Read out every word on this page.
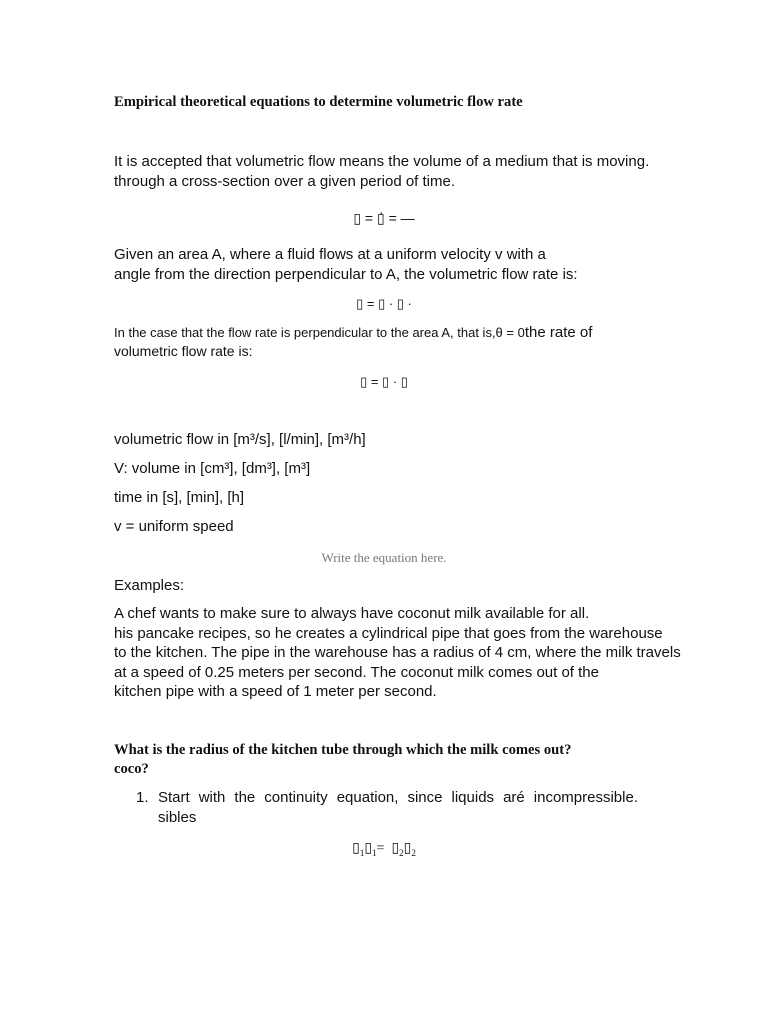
Empirical theoretical equations to determine volumetric flow rate

It is accepted that volumetric flow means the volume of a medium that is moving.
through a cross-section over a given period of time.

▯ = ▯̇ = ―

Given an area A, where a fluid flows at a uniform velocity v with a
angle from the direction perpendicular to A, the volumetric flow rate is:

▯ = ▯ · ▯ ·

In the case that the flow rate is perpendicular to the area A, that is,θ = 0the rate of
volumetric flow rate is:

▯ = ▯ · ▯

volumetric flow in [m³/s], [l/min], [m³/h]

V: volume in [cm³], [dm³], [m³]

time in [s], [min], [h]

v = uniform speed

Write the equation here.

Examples:

A chef wants to make sure to always have coconut milk available for all.
his pancake recipes, so he creates a cylindrical pipe that goes from the warehouse
to the kitchen. The pipe in the warehouse has a radius of 4 cm, where the milk travels
at a speed of 0.25 meters per second. The coconut milk comes out of the
kitchen pipe with a speed of 1 meter per second.

What is the radius of the kitchen tube through which the milk comes out?
coco?

1. Start with the continuity equation, since liquids aré incompressible.
sibles

$▯_1▯_1=$ $▯_2▯_2$
